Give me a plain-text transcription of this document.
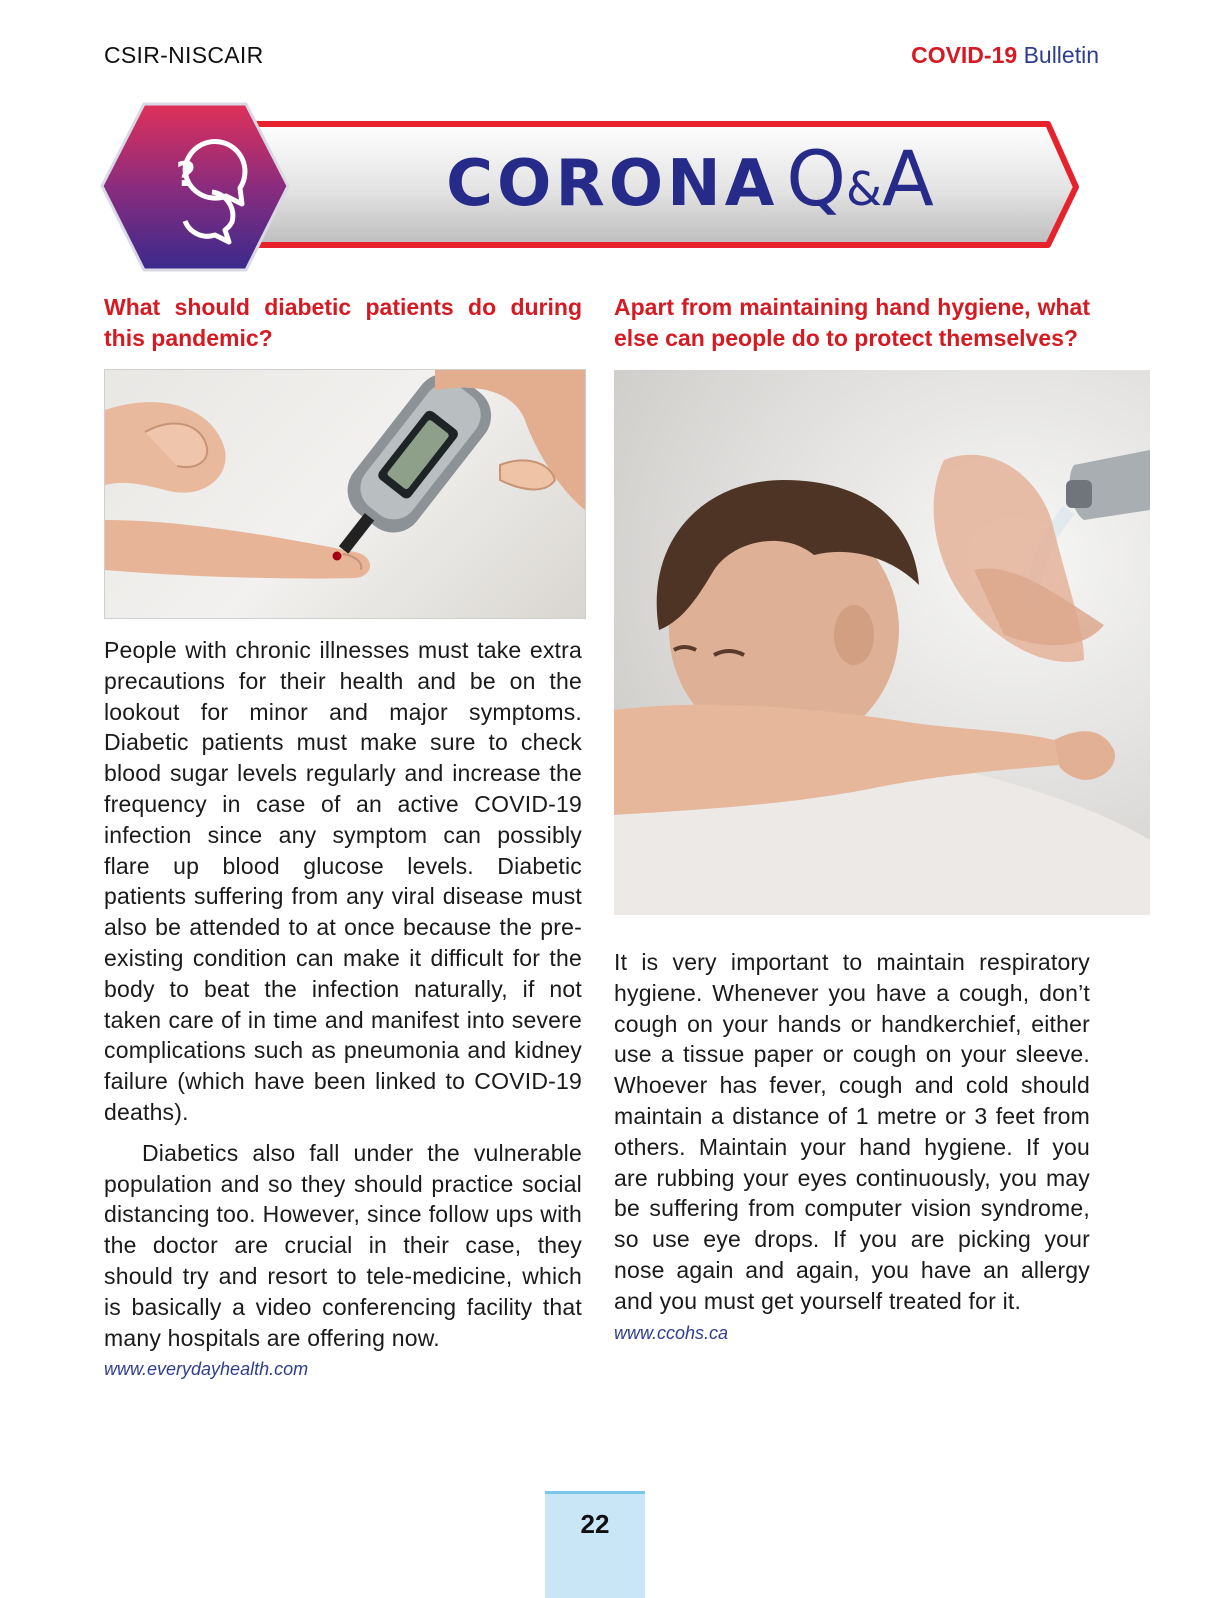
CSIR-NISCAIR	COVID-19 Bulletin
?	CORONA Q&A

What should diabetic patients do during this pandemic?

People with chronic illnesses must take extra precautions for their health and be on the lookout for minor and major symptoms. Diabetic patients must make sure to check blood sugar levels regularly and increase the frequency in case of an active COVID-19 infection since any symptom can possibly flare up blood glucose levels. Diabetic patients suffering from any viral disease must also be attended to at once because the pre-existing condition can make it difficult for the body to beat the infection naturally, if not taken care of in time and manifest into severe complications such as pneumonia and kidney failure (which have been linked to COVID-19 deaths).

Diabetics also fall under the vulnerable population and so they should practice social distancing too. However, since follow ups with the doctor are crucial in their case, they should try and resort to tele-medicine, which is basically a video conferencing facility that many hospitals are offering now.

www.everydayhealth.com

Apart from maintaining hand hygiene, what else can people do to protect themselves?

It is very important to maintain respiratory hygiene. Whenever you have a cough, don’t cough on your hands or handkerchief, either use a tissue paper or cough on your sleeve. Whoever has fever, cough and cold should maintain a distance of 1 metre or 3 feet from others. Maintain your hand hygiene. If you are rubbing your eyes continuously, you may be suffering from computer vision syndrome, so use eye drops. If you are picking your nose again and again, you have an allergy and you must get yourself treated for it.

www.ccohs.ca
22
